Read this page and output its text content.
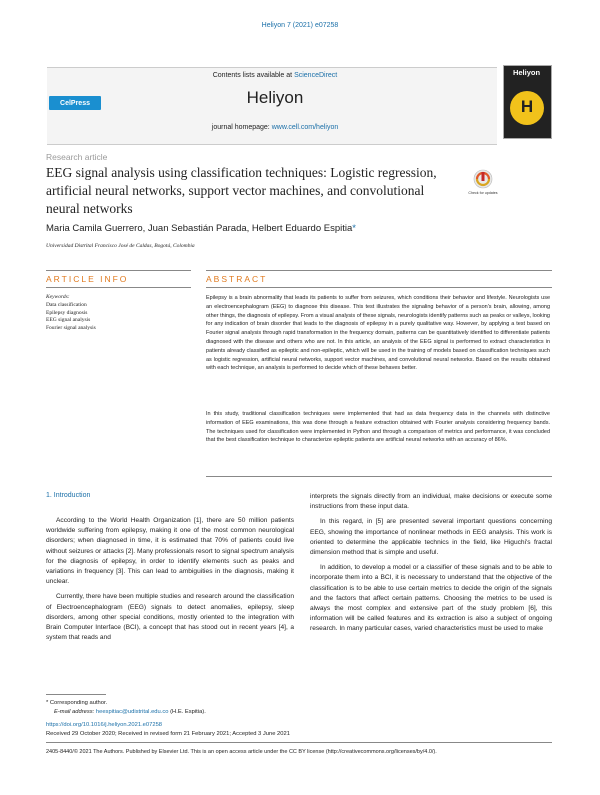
Heliyon 7 (2021) e07258
CelPress
Contents lists available at ScienceDirect
Heliyon
journal homepage: www.cell.com/heliyon
Heliyon
H
Research article
EEG signal analysis using classification techniques: Logistic regression, artificial neural networks, support vector machines, and convolutional neural networks
Check for updates
Maria Camila Guerrero, Juan Sebastián Parada, Helbert Eduardo Espitia*
Universidad Distrital Francisco José de Caldas, Bogotá, Colombia
ARTICLE INFO	ABSTRACT
Keywords:
Data classification
Epilepsy diagnosis
EEG signal analysis
Fourier signal analysis
Epilepsy is a brain abnormality that leads its patients to suffer from seizures, which conditions their behavior and lifestyle. Neurologists use an electroencephalogram (EEG) to diagnose this disease. This test illustrates the signaling behavior of a person's brain, allowing, among other things, the diagnosis of epilepsy. From a visual analysis of these signals, neurologists identify patterns such as peaks or valleys, looking for any indication of brain disorder that leads to the diagnosis of epilepsy in a purely qualitative way. However, by applying a test based on Fourier signal analysis through rapid transformation in the frequency domain, patterns can be quantitatively identified to differentiate patients diagnosed with the disease and others who are not. In this article, an analysis of the EEG signal is performed to extract characteristics in patients already classified as epileptic and non-epileptic, which will be used in the training of models based on classification techniques such as logistic regression, artificial neural networks, support vector machines, and convolutional neural networks. Based on the results obtained with each technique, an analysis is performed to decide which of these behaves better.
In this study, traditional classification techniques were implemented that had as data frequency data in the channels with distinctive information of EEG examinations, this was done through a feature extraction obtained with Fourier analysis considering frequency bands. The techniques used for classification were implemented in Python and through a comparison of metrics and performance, it was concluded that the best classification technique to characterize epileptic patients are artificial neural networks with an accuracy of 86%.
1. Introduction

According to the World Health Organization [1], there are 50 million patients worldwide suffering from epilepsy, making it one of the most common neurological disorders; when diagnosed in time, it is estimated that 70% of patients could live without seizures or attacks [2]. Many professionals resort to signal spectrum analysis for the diagnosis of epilepsy, in order to identify elements such as peaks and variations in frequency [3]. This can lead to ambiguities in the diagnosis, making it unclear.

Currently, there have been multiple studies and research around the classification of Electroencephalogram (EEG) signals to detect anomalies, epilepsy, sleep disorders, among other special conditions, mostly oriented to the integration with Brain Computer Interface (BCI), a concept that has stood out in recent years [4], a system that reads and

interprets the signals directly from an individual, make decisions or execute some instructions from these input data.

In this regard, in [5] are presented several important questions concerning EEG, showing the importance of nonlinear methods in EEG analysis. This work is oriented to determine the applicable technics in the field, like Higuchi's fractal dimension method that is simple and useful.

In addition, to develop a model or a classifier of these signals and to be able to incorporate them into a BCI, it is necessary to understand that the objective of the classification is to be able to use certain metrics to decide the origin of the signals and the factors that affect certain patterns. Choosing the metrics to be used is always the most complex and extensive part of the study problem [6], this information will be called features and its extraction is also a subject of ongoing research. In many particular cases, varied characteristics must be used to make

* Corresponding author.
E-mail address: heespitiac@udistrital.edu.co (H.E. Espitia).
https://doi.org/10.1016/j.heliyon.2021.e07258
Received 29 October 2020; Received in revised form 21 February 2021; Accepted 3 June 2021
2405-8440/© 2021 The Authors. Published by Elsevier Ltd. This is an open access article under the CC BY license (http://creativecommons.org/licenses/by/4.0/).
